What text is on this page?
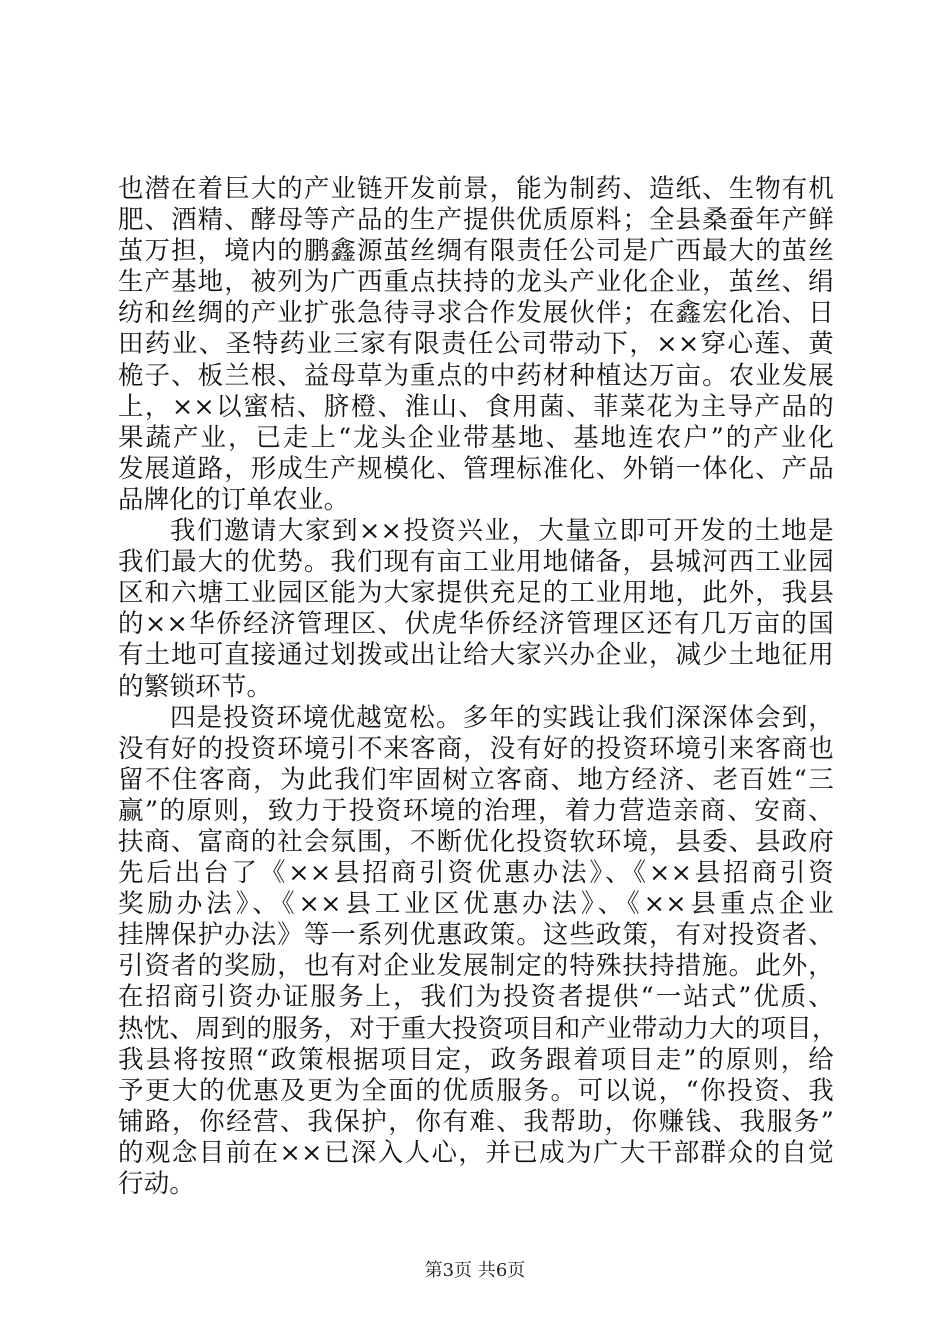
也潜在着巨大的产业链开发前景，能为制药、造纸、生物有机
肥、酒精、酵母等产品的生产提供优质原料；全县桑蚕年产鲜
茧万担，境内的鹏鑫源茧丝绸有限责任公司是广西最大的茧丝
生产基地，被列为广西重点扶持的龙头产业化企业，茧丝、绢
纺和丝绸的产业扩张急待寻求合作发展伙伴；在鑫宏化冶、日
田药业、圣特药业三家有限责任公司带动下，××穿心莲、黄
桅子、板兰根、益母草为重点的中药材种植达万亩。农业发展
上，××以蜜桔、脐橙、淮山、食用菌、菲菜花为主导产品的
果蔬产业，已走上“龙头企业带基地、基地连农户”的产业化
发展道路，形成生产规模化、管理标准化、外销一体化、产品
品牌化的订单农业。
我们邀请大家到××投资兴业，大量立即可开发的土地是
我们最大的优势。我们现有亩工业用地储备，县城河西工业园
区和六塘工业园区能为大家提供充足的工业用地，此外，我县
的××华侨经济管理区、伏虎华侨经济管理区还有几万亩的国
有土地可直接通过划拨或出让给大家兴办企业，减少土地征用
的繁锁环节。
四是投资环境优越宽松。多年的实践让我们深深体会到，
没有好的投资环境引不来客商，没有好的投资环境引来客商也
留不住客商，为此我们牢固树立客商、地方经济、老百姓“三
赢”的原则，致力于投资环境的治理，着力营造亲商、安商、
扶商、富商的社会氛围，不断优化投资软环境，县委、县政府
先后出台了《××县招商引资优惠办法》、《××县招商引资
奖励办法》、《××县工业区优惠办法》、《××县重点企业
挂牌保护办法》等一系列优惠政策。这些政策，有对投资者、
引资者的奖励，也有对企业发展制定的特殊扶持措施。此外，
在招商引资办证服务上，我们为投资者提供“一站式”优质、
热忱、周到的服务，对于重大投资项目和产业带动力大的项目，
我县将按照“政策根据项目定，政务跟着项目走”的原则，给
予更大的优惠及更为全面的优质服务。可以说，“你投资、我
铺路，你经营、我保护，你有难、我帮助，你赚钱、我服务”
的观念目前在××已深入人心，并已成为广大干部群众的自觉
行动。
第3页 共6页
